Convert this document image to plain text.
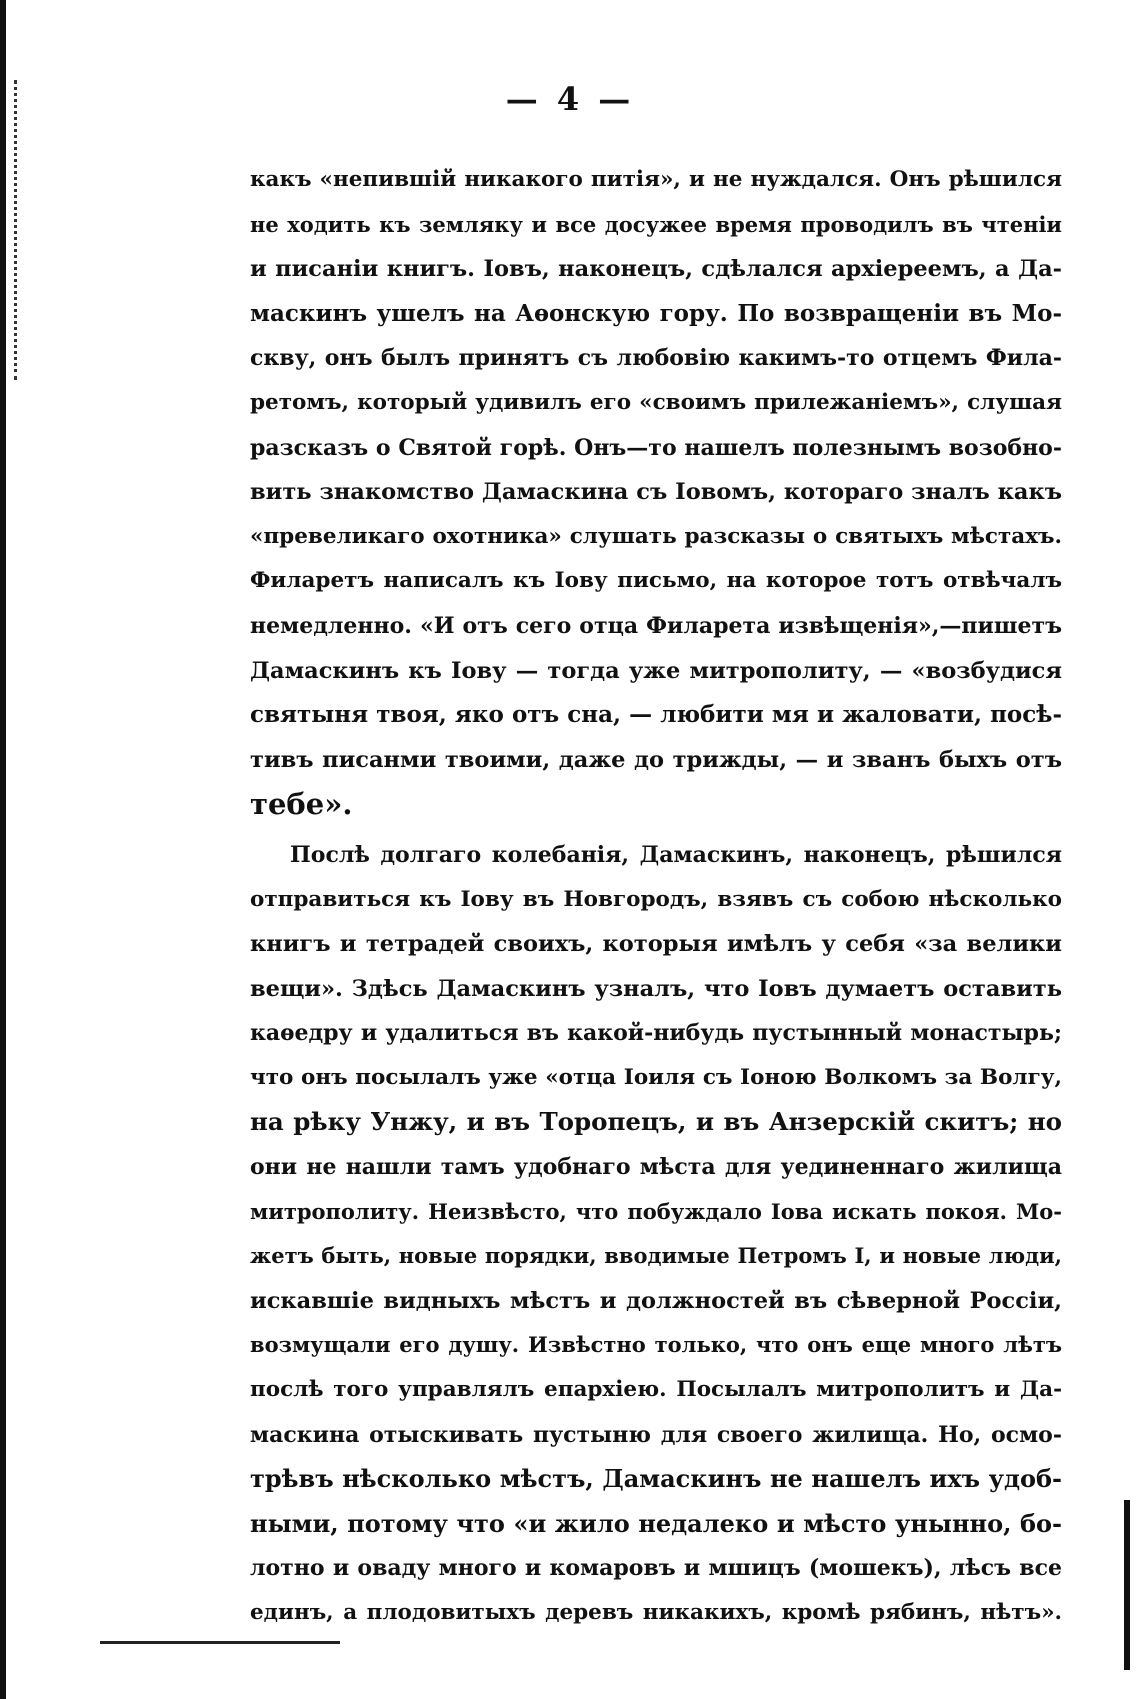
— 4 —
какъ «непившій никакого питія», и не нуждался. Онъ рѣшился
не ходить къ земляку и все досужее время проводилъ въ чтеніи
и писаніи книгъ. Іовъ, наконецъ, сдѣлался архіереемъ, а Да-
маскинъ ушелъ на Аѳонскую гору. По возвращеніи въ Мо-
скву, онъ былъ принятъ съ любовію какимъ-то отцемъ Фила-
ретомъ, который удивилъ его «своимъ прилежаніемъ», слушая
разсказъ о Святой горѣ. Онъ—то нашелъ полезнымъ возобно-
вить знакомство Дамаскина съ Іовомъ, котораго зналъ какъ
«превеликаго охотника» слушать разсказы о святыхъ мѣстахъ.
Филаретъ написалъ къ Іову письмо, на которое тотъ отвѣчалъ
немедленно. «И отъ сего отца Филарета извѣщенія»,—пишетъ
Дамаскинъ къ Іову — тогда уже митрополиту, — «возбудися
святыня твоя, яко отъ сна, — любити мя и жаловати, посѣ-
тивъ писанми твоими, даже до трижды, — и званъ быхъ отъ
тебе».
Послѣ долгаго колебанія, Дамаскинъ, наконецъ, рѣшился
отправиться къ Іову въ Новгородъ, взявъ съ собою нѣсколько
книгъ и тетрадей своихъ, которыя имѣлъ у себя «за велики
вещи». Здѣсь Дамаскинъ узналъ, что Іовъ думаетъ оставить
каѳедру и удалиться въ какой-нибудь пустынный монастырь;
что онъ посылалъ уже «отца Іоиля съ Іоною Волкомъ за Волгу,
на рѣку Унжу, и въ Торопецъ, и въ Анзерскій скитъ; но
они не нашли тамъ удобнаго мѣста для уединеннаго жилища
митрополиту. Неизвѣсто, что побуждало Іова искать покоя. Мо-
жетъ быть, новые порядки, вводимые Петромъ I, и новые люди,
искавшіе видныхъ мѣстъ и должностей въ сѣверной Россіи,
возмущали его душу. Извѣстно только, что онъ еще много лѣтъ
послѣ того управлялъ епархіею. Посылалъ митрополитъ и Да-
маскина отыскивать пустыню для своего жилища. Но, осмо-
трѣвъ нѣсколько мѣстъ, Дамаскинъ не нашелъ ихъ удоб-
ными, потому что «и жило недалеко и мѣсто унынно, бо-
лотно и оваду много и комаровъ и мшицъ (мошекъ), лѣсъ все
единъ, а плодовитыхъ деревъ никакихъ, кромѣ рябинъ, нѣтъ».
